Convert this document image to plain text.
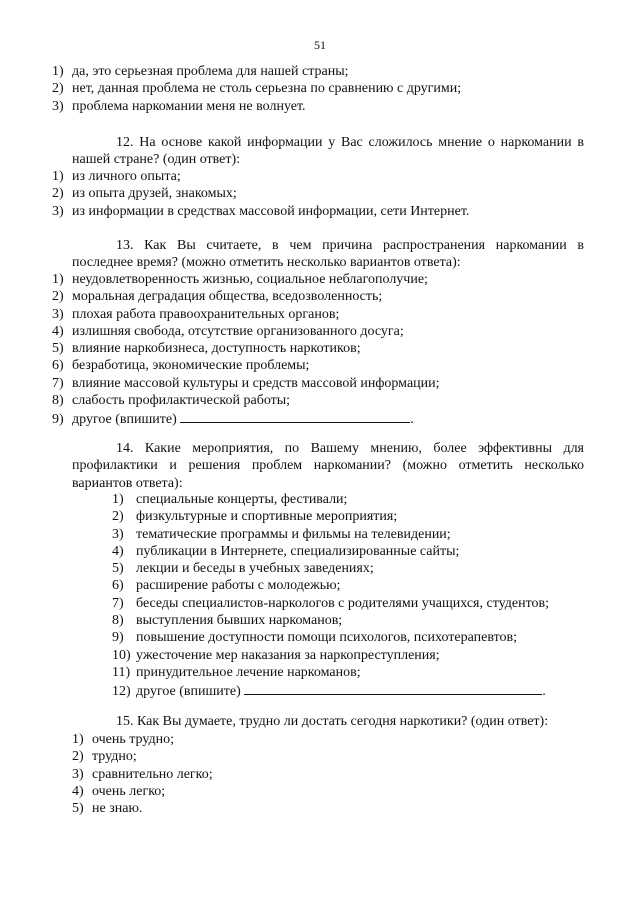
51
1) да, это серьезная проблема для нашей страны;
2) нет, данная проблема не столь серьезна по сравнению с другими;
3) проблема наркомании меня не волнует.
12. На основе какой информации у Вас сложилось мнение о наркомании в нашей стране? (один ответ):
1) из личного опыта;
2) из опыта друзей, знакомых;
3) из информации в средствах массовой информации, сети Интернет.
13. Как Вы считаете, в чем причина распространения наркомании в последнее время? (можно отметить несколько вариантов ответа):
1) неудовлетворенность жизнью, социальное неблагополучие;
2) моральная деградация общества, вседозволенность;
3) плохая работа правоохранительных органов;
4) излишняя свобода, отсутствие организованного досуга;
5) влияние наркобизнеса, доступность наркотиков;
6) безработица, экономические проблемы;
7) влияние массовой культуры и средств массовой информации;
8) слабость профилактической работы;
9) другое (впишите)	.
14. Какие мероприятия, по Вашему мнению, более эффективны для профилактики и решения проблем наркомании? (можно отметить несколько вариантов ответа):
1) специальные концерты, фестивали;
2) физкультурные и спортивные мероприятия;
3) тематические программы и фильмы на телевидении;
4) публикации в Интернете, специализированные сайты;
5) лекции и беседы в учебных заведениях;
6) расширение работы с молодежью;
7) беседы специалистов-наркологов с родителями учащихся, студентов;
8) выступления бывших наркоманов;
9) повышение доступности помощи психологов, психотерапевтов;
10) ужесточение мер наказания за наркопреступления;
11) принудительное лечение наркоманов;
12) другое (впишите)	.
15. Как Вы думаете, трудно ли достать сегодня наркотики? (один ответ):
1) очень трудно;
2) трудно;
3) сравнительно легко;
4) очень легко;
5) не знаю.
